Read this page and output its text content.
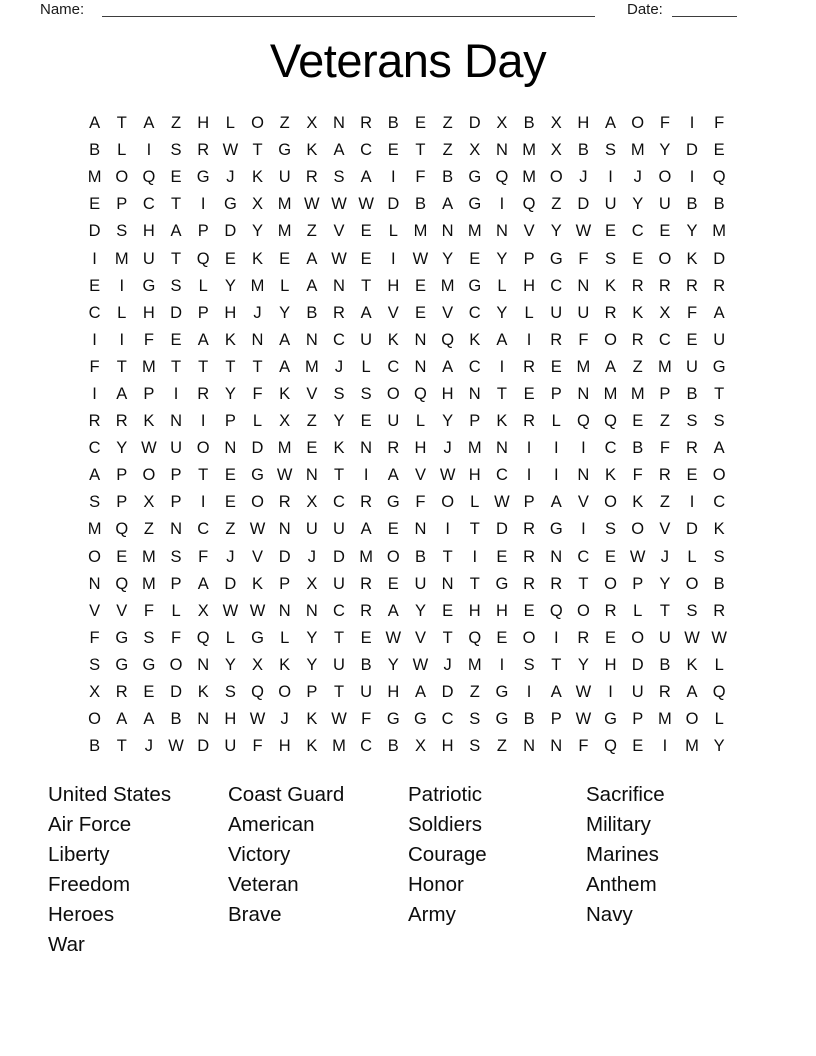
Name:	Date:
Veterans Day
A	T	A	Z H	L O Z	X N R B E	Z D X B X H A O F	I	F
B	L	I	S R W T G K A C E	T	Z	X N M X B S M Y D E
M O Q E G	J	K U R S A	I	F	B G Q M O	J	I	J	O	I	Q
E P C T	I	G X M W W W D B A G	I	Q Z D U Y U B B
D S H A P D Y M Z	V E	L M N M N V Y W E C E Y M
I	M U T Q E K E A W E	I	W Y E Y P G F	S E O K D
E	I	G S	L	Y M L	A N T H E M G L	H C N K R R R R
C	L	H D P H	J	Y B R A V E V C Y	L	U U R K X	F	A
I	I	F	E A K N A N C U K N Q K A	I	R F O R C E U
F	T M T	T	T	T	A M J	L	C N A C	I	R E M A	Z M U G
I	A P	I	R Y	F	K V S S O Q H N T	E P N M M P B	T
R R K N	I	P	L	X	Z	Y E U	L	Y P K R	L Q Q E	Z	S S
C Y W U O N D M E K N R H	J M N	I	I	I	C B	F R A
A P O P	T	E G W N T	I	A V W H C	I	I	N K	F R E O
S P X P	I	E O R X C R G F O L W P A V O K	Z	I	C
M Q Z N C Z W N U U A E N	I	T D R G	I	S O V D K
O E M S	F	J	V D	J	D M O B	T	I	E R N C E W J	L	S
N Q M P A D K P X U R E U N T G R R T O P Y O B
V V	F	L	X W W N N C R A Y E H H E Q O R	L	T	S R
F G S	F Q L G L	Y	T	E W V	T Q E O	I	R E O U W W
S G G O N Y X K Y U B Y W J M	I	S	T	Y H D B K	L
X R E D K S Q O P	T U H A D Z G	I	A W	I	U R A Q
O A A B N H W J	K W F G G C S G B P W G P M O L
B	T	J W D U F H K M C B X H S	Z N N F Q E	I	M Y
United States
Air Force
Liberty
Freedom
Heroes
War
Coast Guard
American
Victory
Veteran
Brave
Patriotic
Soldiers
Courage
Honor
Army
Sacrifice
Military
Marines
Anthem
Navy
